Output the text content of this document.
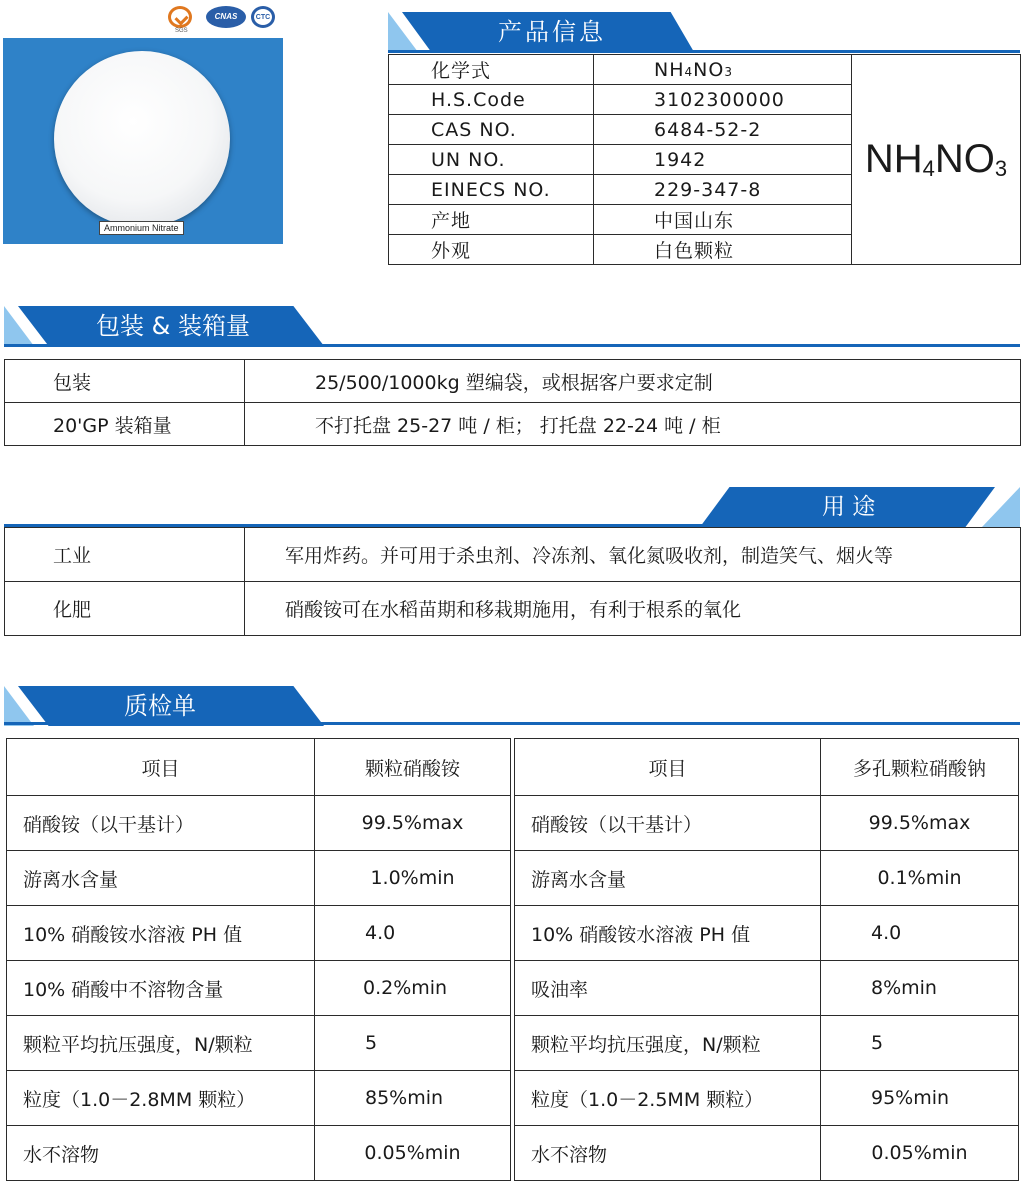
SGS
CNAS	CTC
Ammonium Nitrate
产品信息
化学式	NH4NO3	$NH_4NO_3$
H.S.Code	3102300000	
CAS NO.	6484-52-2	
UN NO.	1942	
EINECS NO.	229-347-8	
产地	中国山东	
外观	白色颗粒	
包装 & 装箱量
包装	25/500/1000kg 塑编袋，或根据客户要求定制
20'GP 装箱量	不打托盘 25-27 吨 / 柜； 打托盘 22-24 吨 / 柜
用 途
工业	军用炸药。并可用于杀虫剂、冷冻剂、氧化氮吸收剂，制造笑气、烟火等
化肥	硝酸铵可在水稻苗期和移栽期施用，有利于根系的氧化
质检单
项目	颗粒硝酸铵
硝酸铵（以干基计）	99.5%max
游离水含量	1.0%min
10% 硝酸铵水溶液 PH 值	4.0
10% 硝酸中不溶物含量	0.2%min
颗粒平均抗压强度，N/颗粒	5
粒度（1.0－2.8MM 颗粒）	85%min
水不溶物	0.05%min
项目	多孔颗粒硝酸钠
硝酸铵（以干基计）	99.5%max
游离水含量	0.1%min
10% 硝酸铵水溶液 PH 值	4.0
吸油率	8%min
颗粒平均抗压强度，N/颗粒	5
粒度（1.0－2.5MM 颗粒）	95%min
水不溶物	0.05%min
